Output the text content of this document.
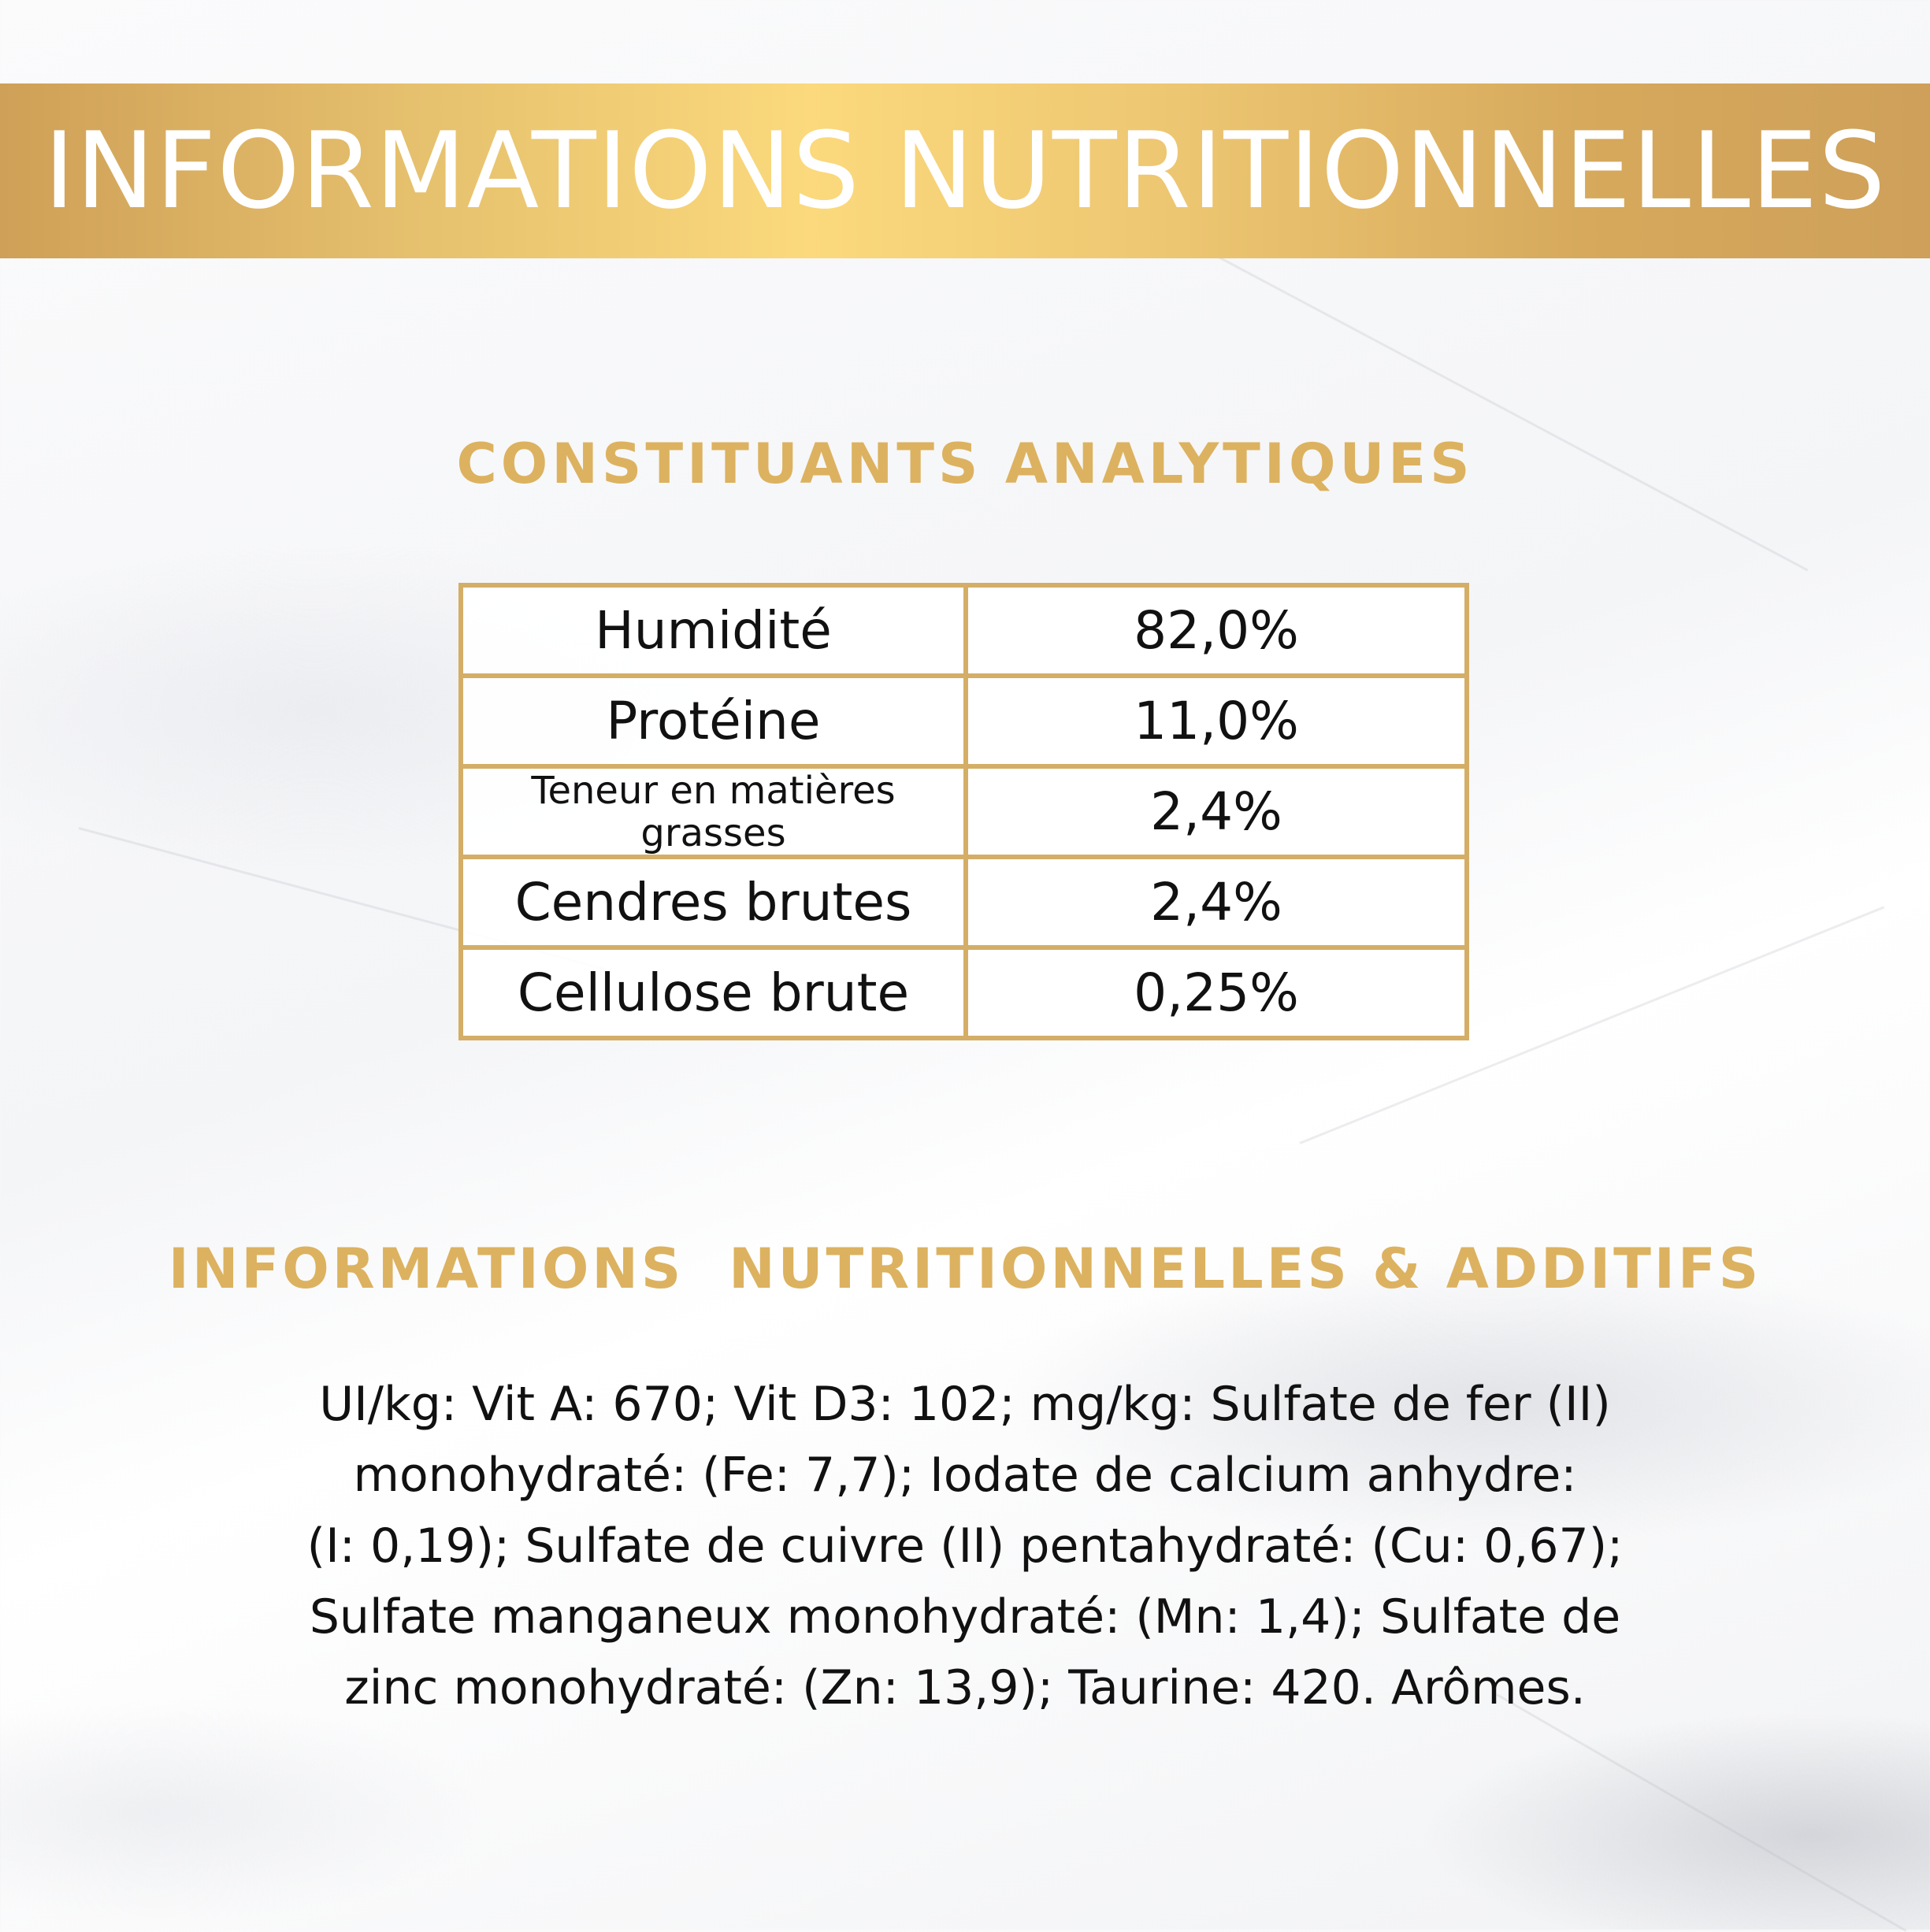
INFORMATIONS NUTRITIONNELLES
CONSTITUANTS ANALYTIQUES
Humidité	82,0%
Protéine	11,0%
Teneur en matières grasses	2,4%
Cendres brutes	2,4%
Cellulose brute	0,25%
INFORMATIONS  NUTRITIONNELLES & ADDITIFS

UI/kg: Vit A: 670; Vit D3: 102; mg/kg: Sulfate de fer (II)
monohydraté: (Fe: 7,7); Iodate de calcium anhydre:
(I: 0,19); Sulfate de cuivre (II) pentahydraté: (Cu: 0,67);
Sulfate manganeux monohydraté: (Mn: 1,4); Sulfate de
zinc monohydraté: (Zn: 13,9); Taurine: 420. Arômes.
